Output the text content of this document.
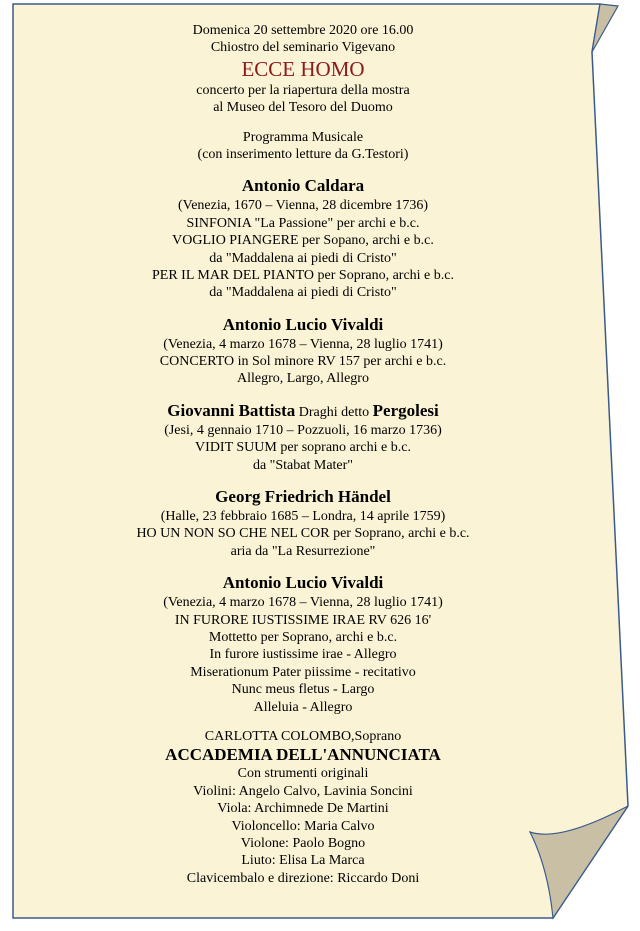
Domenica 20 settembre 2020 ore 16.00
Chiostro del seminario Vigevano
ECCE HOMO
concerto per la riapertura della mostra
al Museo del Tesoro del Duomo
Programma Musicale
(con inserimento letture da G.Testori)
Antonio Caldara
(Venezia, 1670 – Vienna, 28 dicembre 1736)
SINFONIA "La Passione" per archi e b.c.
VOGLIO PIANGERE per Sopano, archi e b.c.
da "Maddalena ai piedi di Cristo"
PER IL MAR DEL PIANTO per Soprano, archi e b.c.
da "Maddalena ai piedi di Cristo"
Antonio Lucio Vivaldi
(Venezia, 4 marzo 1678 – Vienna, 28 luglio 1741)
CONCERTO in Sol minore RV 157 per archi e b.c.
Allegro, Largo, Allegro
Giovanni Battista Draghi detto Pergolesi
(Jesi, 4 gennaio 1710 – Pozzuoli, 16 marzo 1736)
VIDIT SUUM per soprano archi e b.c.
da "Stabat Mater"
Georg Friedrich Händel
(Halle, 23 febbraio 1685 – Londra, 14 aprile 1759)
HO UN NON SO CHE NEL COR per Soprano, archi e b.c.
aria da "La Resurrezione"
Antonio Lucio Vivaldi
(Venezia, 4 marzo 1678 – Vienna, 28 luglio 1741)
IN FURORE IUSTISSIME IRAE RV 626 16'
Mottetto per Soprano, archi e b.c.
In furore iustissime irae - Allegro
Miserationum Pater piissime - recitativo
Nunc meus fletus - Largo
Alleluia - Allegro
CARLOTTA COLOMBO,Soprano
ACCADEMIA DELL'ANNUNCIATA
Con strumenti originali
Violini: Angelo Calvo, Lavinia Soncini
Viola: Archimnede De Martini
Violoncello: Maria Calvo
Violone: Paolo Bogno
Liuto: Elisa La Marca
Clavicembalo e direzione: Riccardo Doni
